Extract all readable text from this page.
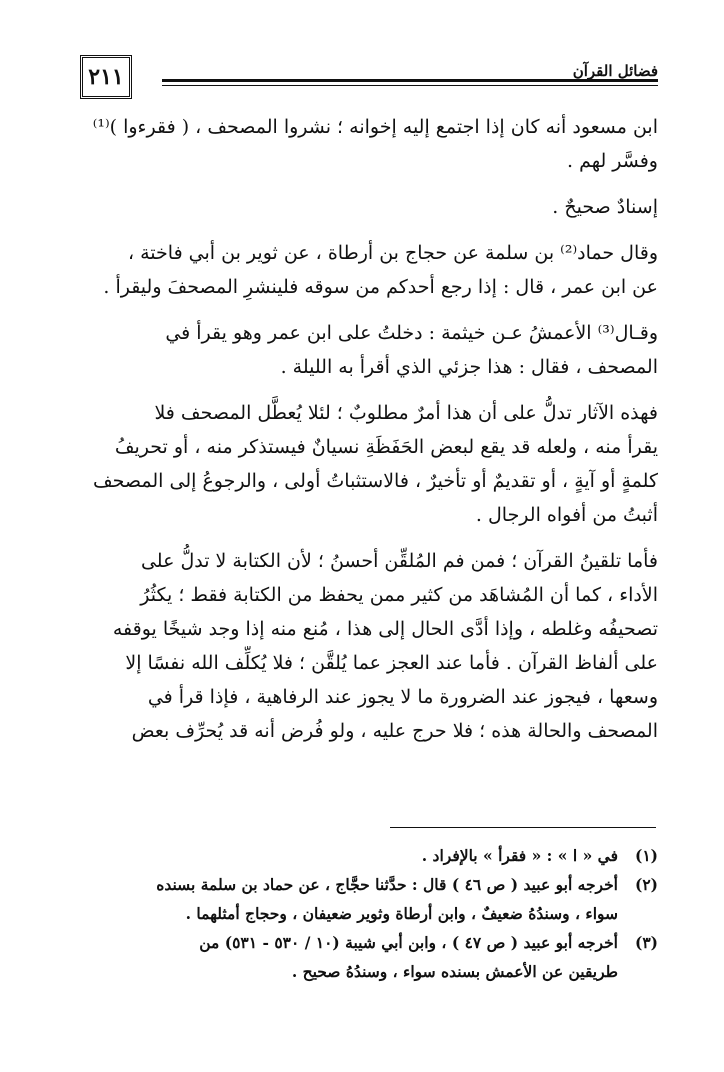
٢١١	فضائل القرآن
ابن مسعود أنه كان إذا اجتمع إليه إخوانه ؛ نشروا المصحف ، ( فقرءوا )⁽¹⁾
وفسَّر لهم .
إسنادٌ صحيحٌ .
وقال حماد⁽²⁾ بن سلمة عن حجاج بن أرطاة ، عن ثوير بن أبي فاختة ،
عن ابن عمر ، قال : إذا رجع أحدكم من سوقه فلينشرِ المصحفَ وليقرأ .
وقـال⁽³⁾ الأعمشُ عـن خيثمة : دخلتُ على ابن عمر وهو يقرأ في
المصحف ، فقال : هذا جزئي الذي أقرأ به الليلة .
فهذه الآثار تدلُّ على أن هذا أمرٌ مطلوبٌ ؛ لئلا يُعطَّل المصحف فلا
يقرأ منه ، ولعله قد يقع لبعض الحَفَظَةِ نسيانٌ فيستذكر منه ، أو تحريفُ
كلمةٍ أو آيةٍ ، أو تقديمٌ أو تأخيرٌ ، فالاستثباتُ أولى ، والرجوعُ إلى المصحف
أثبتُ من أفواه الرجال .
فأما تلقينُ القرآن ؛ فمن فم المُلقِّن أحسنُ ؛ لأن الكتابة لا تدلُّ على
الأداء ، كما أن المُشاهَد من كثير ممن يحفظ من الكتابة فقط ؛ يكثُرُ
تصحيفُه وغلطه ، وإذا أدَّى الحال إلى هذا ، مُنع منه إذا وجد شيخًا يوقفه
على ألفاظ القرآن . فأما عند العجز عما يُلقَّن ؛ فلا يُكلِّف الله نفسًا إلا
وسعها ، فيجوز عند الضرورة ما لا يجوز عند الرفاهية ، فإذا قرأ في
المصحف والحالة هذه ؛ فلا حرج عليه ، ولو فُرض أنه قد يُحرِّف بعض
(١)
في « ا » : « فقرأ » بالإفراد .
(٢)
أخرجه أبو عبيد ( ص ٤٦ ) قال : حدَّثنا حجَّاج ، عن حماد بن سلمة بسنده
سواء ، وسندُهُ ضعيفٌ ، وابن أرطاة وثوير ضعيفان ، وحجاج أمثلهما .
(٣)
أخرجه أبو عبيد ( ص ٤٧ ) ، وابن أبي شيبة (١٠ / ٥٣٠ - ٥٣١) من
طريقين عن الأعمش بسنده سواء ، وسندُهُ صحيح .
